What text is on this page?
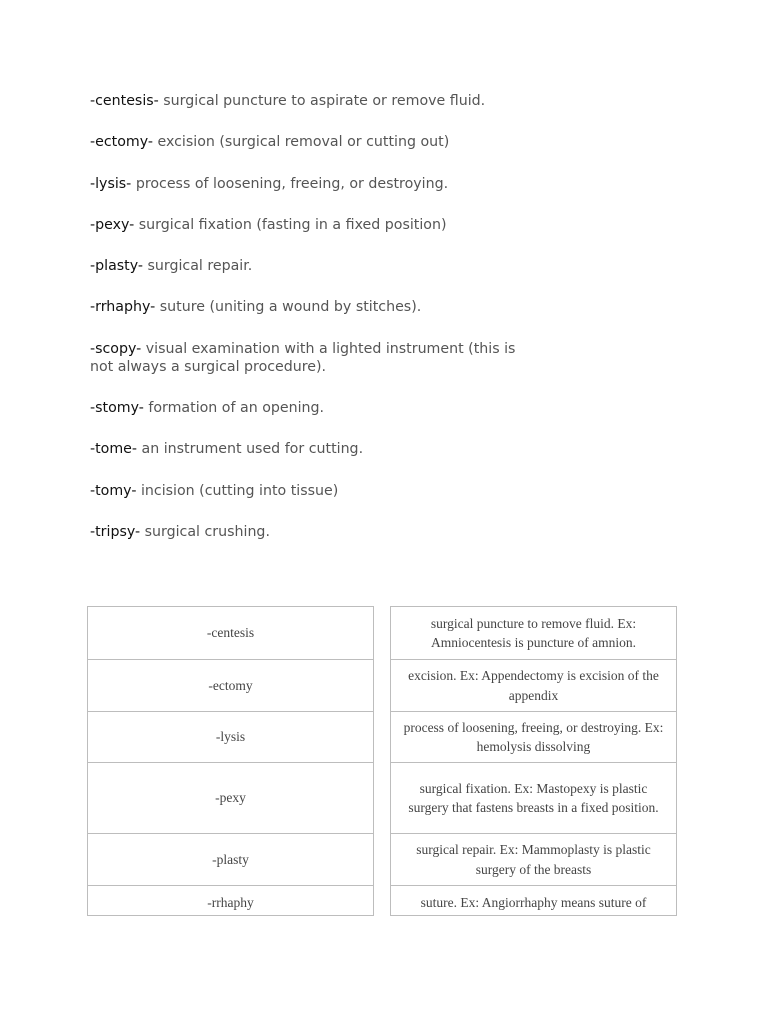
-centesis- surgical puncture to aspirate or remove fluid.

-ectomy- excision (surgical removal or cutting out)

-lysis- process of loosening, freeing, or destroying.

-pexy- surgical fixation (fasting in a fixed position)

-plasty- surgical repair.

-rrhaphy- suture (uniting a wound by stitches).

-scopy- visual examination with a lighted instrument (this is not always a surgical procedure).

-stomy- formation of an opening.

-tome- an instrument used for cutting.

-tomy- incision (cutting into tissue)

-tripsy- surgical crushing.

-centesis
-ectomy
-lysis
-pexy
-plasty
-rrhaphy
surgical puncture to remove fluid. Ex: Amniocentesis is puncture of amnion.
excision. Ex: Appendectomy is excision of the appendix
process of loosening, freeing, or destroying. Ex: hemolysis dissolving
surgical fixation. Ex: Mastopexy is plastic surgery that fastens breasts in a fixed position.
surgical repair. Ex: Mammoplasty is plastic surgery of the breasts
suture. Ex: Angiorrhaphy means suture of
